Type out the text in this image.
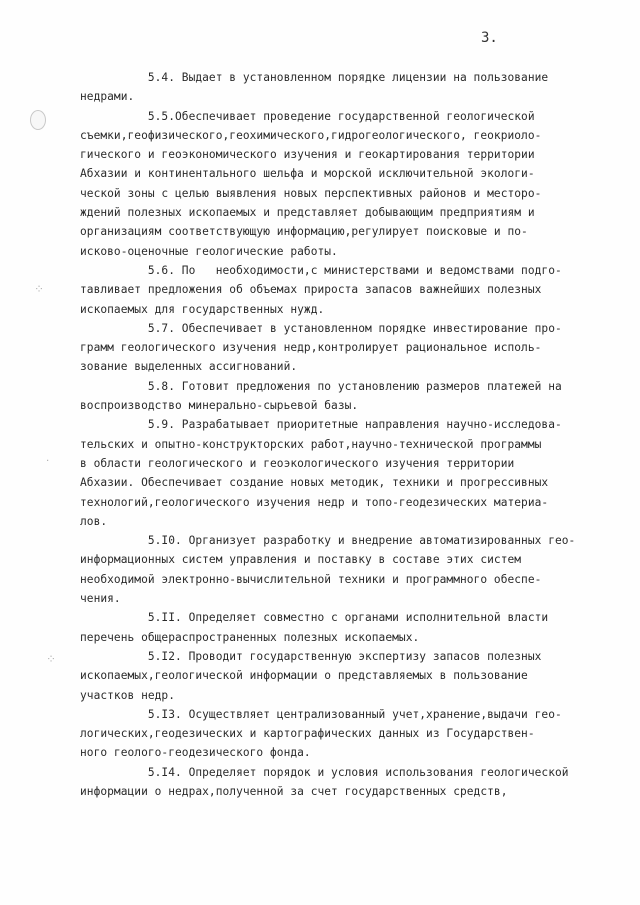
⁘
˙
⁘
3.
5.4. Выдает в установленном порядке лицензии на пользование
недрами.
5.5.Обеспечивает проведение государственной геологической
съемки,геофизического,геохимического,гидрогеологического, геокриоло-
гического и геоэкономического изучения и геокартирования территории
Абхазии и континентального шельфа и морской исключительной экологи-
ческой зоны с целью выявления новых перспективных районов и месторо-
ждений полезных ископаемых и представляет добывающим предприятиям и
организациям соответствующую информацию,регулирует поисковые и по-
исково-оценочные геологические работы.
5.6. По   необходимости,с министерствами и ведомствами подго-
тавливает предложения об объемах прироста запасов важнейших полезных
ископаемых для государственных нужд.
5.7. Обеспечивает в установленном порядке инвестирование про-
грамм геологического изучения недр,контролирует рациональное исполь-
зование выделенных ассигнований.
5.8. Готовит предложения по установлению размеров платежей на
воспроизводство минерально-сырьевой базы.
5.9. Разрабатывает приоритетные направления научно-исследова-
тельских и опытно-конструкторских работ,научно-технической программы
в области геологического и геоэкологического изучения территории
Абхазии. Обеспечивает создание новых методик, техники и прогрессивных
технологий,геологического изучения недр и топо-геодезических материа-
лов.
5.I0. Организует разработку и внедрение автоматизированных гео-
информационных систем управления и поставку в составе этих систем
необходимой электронно-вычислительной техники и программного обеспе-
чения.
5.II. Определяет совместно с органами исполнительной власти
перечень общераспространенных полезных ископаемых.
5.I2. Проводит государственную экспертизу запасов полезных
ископаемых,геологической информации о представляемых в пользование
участков недр.
5.I3. Осуществляет централизованный учет,хранение,выдачи гео-
логических,геодезических и картографических данных из Государствен-
ного геолого-геодезического фонда.
5.I4. Определяет порядок и условия использования геологической
информации о недрах,полученной за счет государственных средств,
